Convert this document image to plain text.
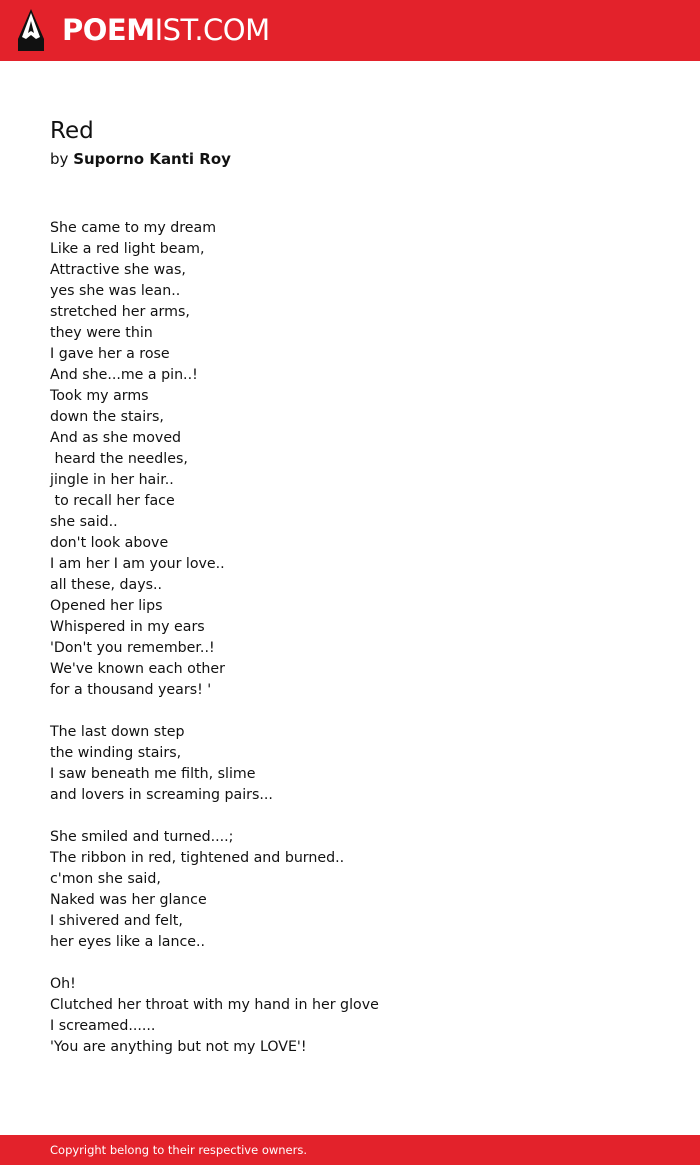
POEMIST.COM
Red
by Suporno Kanti Roy
She came to my dream
Like a red light beam,
Attractive she was,
yes she was lean..
stretched her arms,
they were thin
I gave her a rose
And she...me a pin..!
Took my arms
down the stairs,
And as she moved
heard the needles,
jingle in her hair..
to recall her face
she said..
don't look above
I am her I am your love..
all these, days..
Opened her lips
Whispered in my ears
'Don't you remember..!
We've known each other
for a thousand years! '
The last down step
the winding stairs,
I saw beneath me filth, slime
and lovers in screaming pairs...
She smiled and turned....;
The ribbon in red, tightened and burned..
c'mon she said,
Naked was her glance
I shivered and felt,
her eyes like a lance..
Oh!
Clutched her throat with my hand in her glove
I screamed......
'You are anything but not my LOVE'!
Copyright belong to their respective owners.
